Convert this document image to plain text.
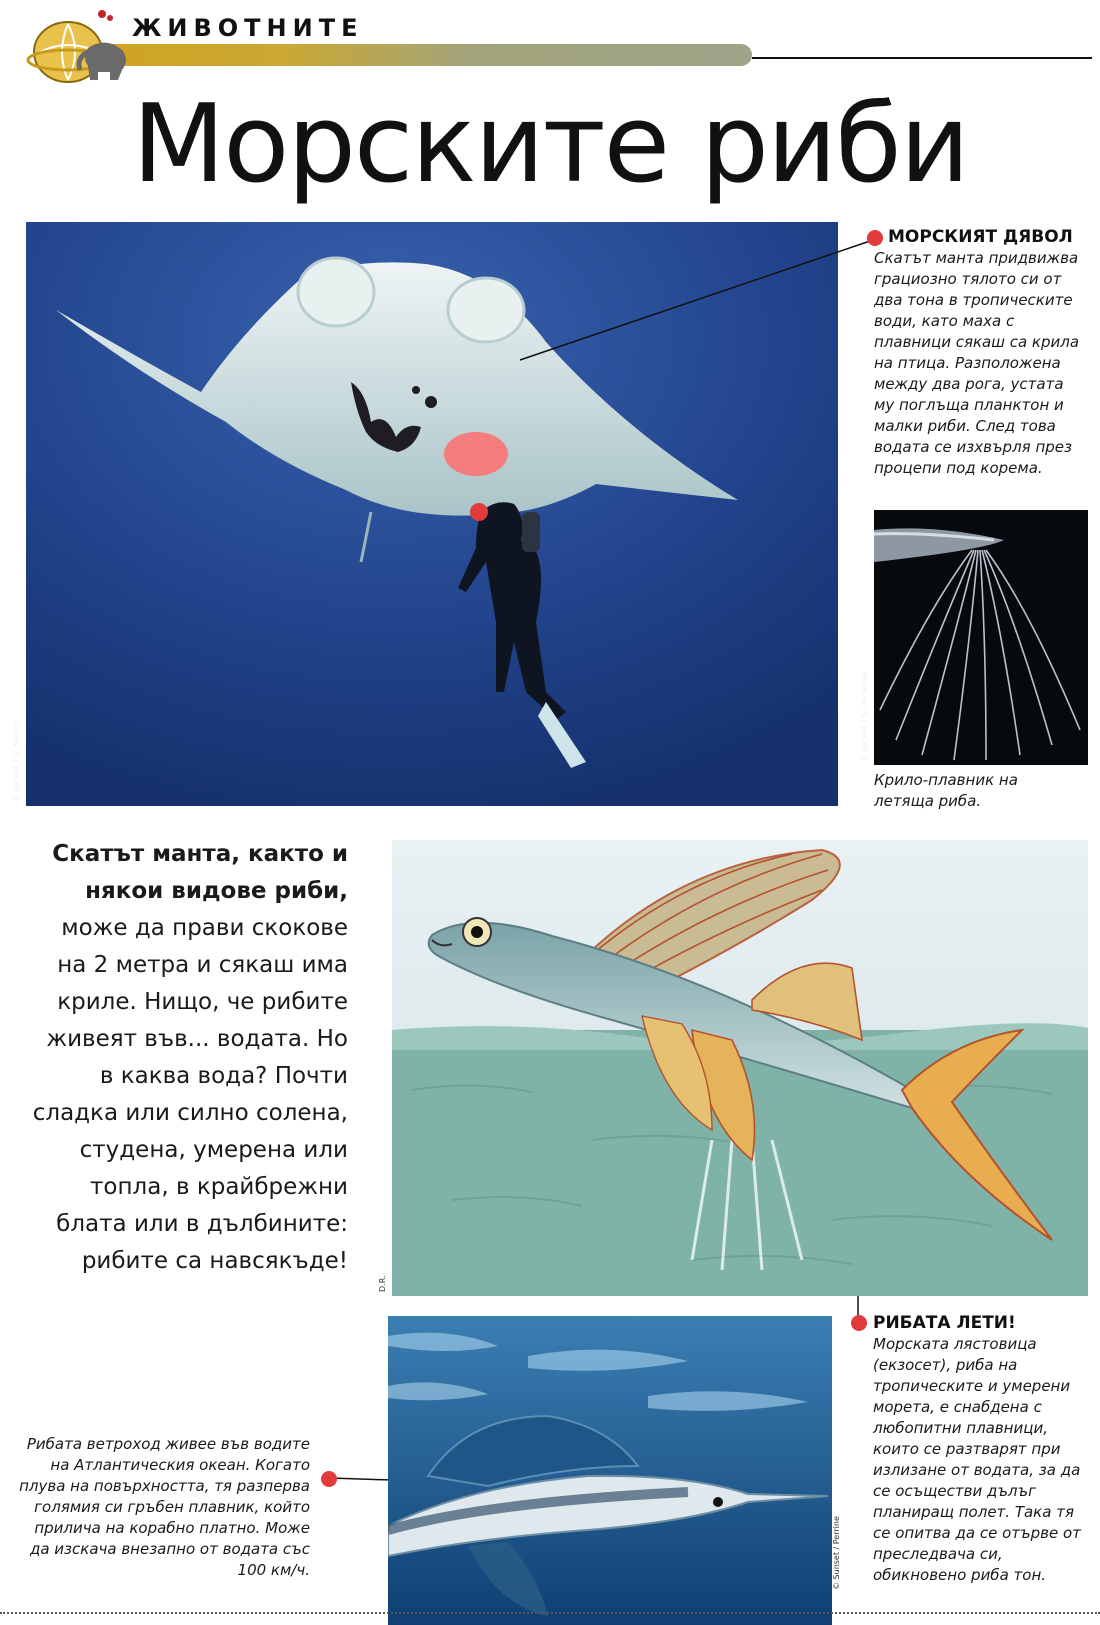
ЖИВОТНИТЕ
Морските риби
© Jacana / G. Souris
МОРСКИЯТ ДЯВОЛ
Скатът манта придвижва грациозно тялото си от два тона в тропическите води, като маха с плавници сякаш са крила на птица. Разположена между два рога, устата му поглъща планктон и малки риби. След това водата се изхвърля през процепи под корема.
© Jacana / S. de Wilde
Крило-плавник на летяща риба.
Скатът манта, както и някои видове риби, може да прави скокове на 2 метра и сякаш има криле. Нищо, че рибите живеят във... водата. Но в каква вода? Почти сладка или силно солена, студена, умерена или топла, в крайбрежни блата или в дълбините: рибите са навсякъде!
D.R.
РИБАТА ЛЕТИ!
Морската лястовица (екзосет), риба на тропическите и умерени морета, е снабдена с любопитни плавници, които се разтварят при излизане от водата, за да се осъществи дълъг планиращ полет. Така тя се опитва да се отърве от преследвача си, обикновено риба тон.
© Sunset / Perrine
Рибата ветроход живее във водите на Атлантическия океан. Когато плува на повърхността, тя разперва голямия си гръбен плавник, който прилича на корабно платно. Може да изскача внезапно от водата със 100 км/ч.
